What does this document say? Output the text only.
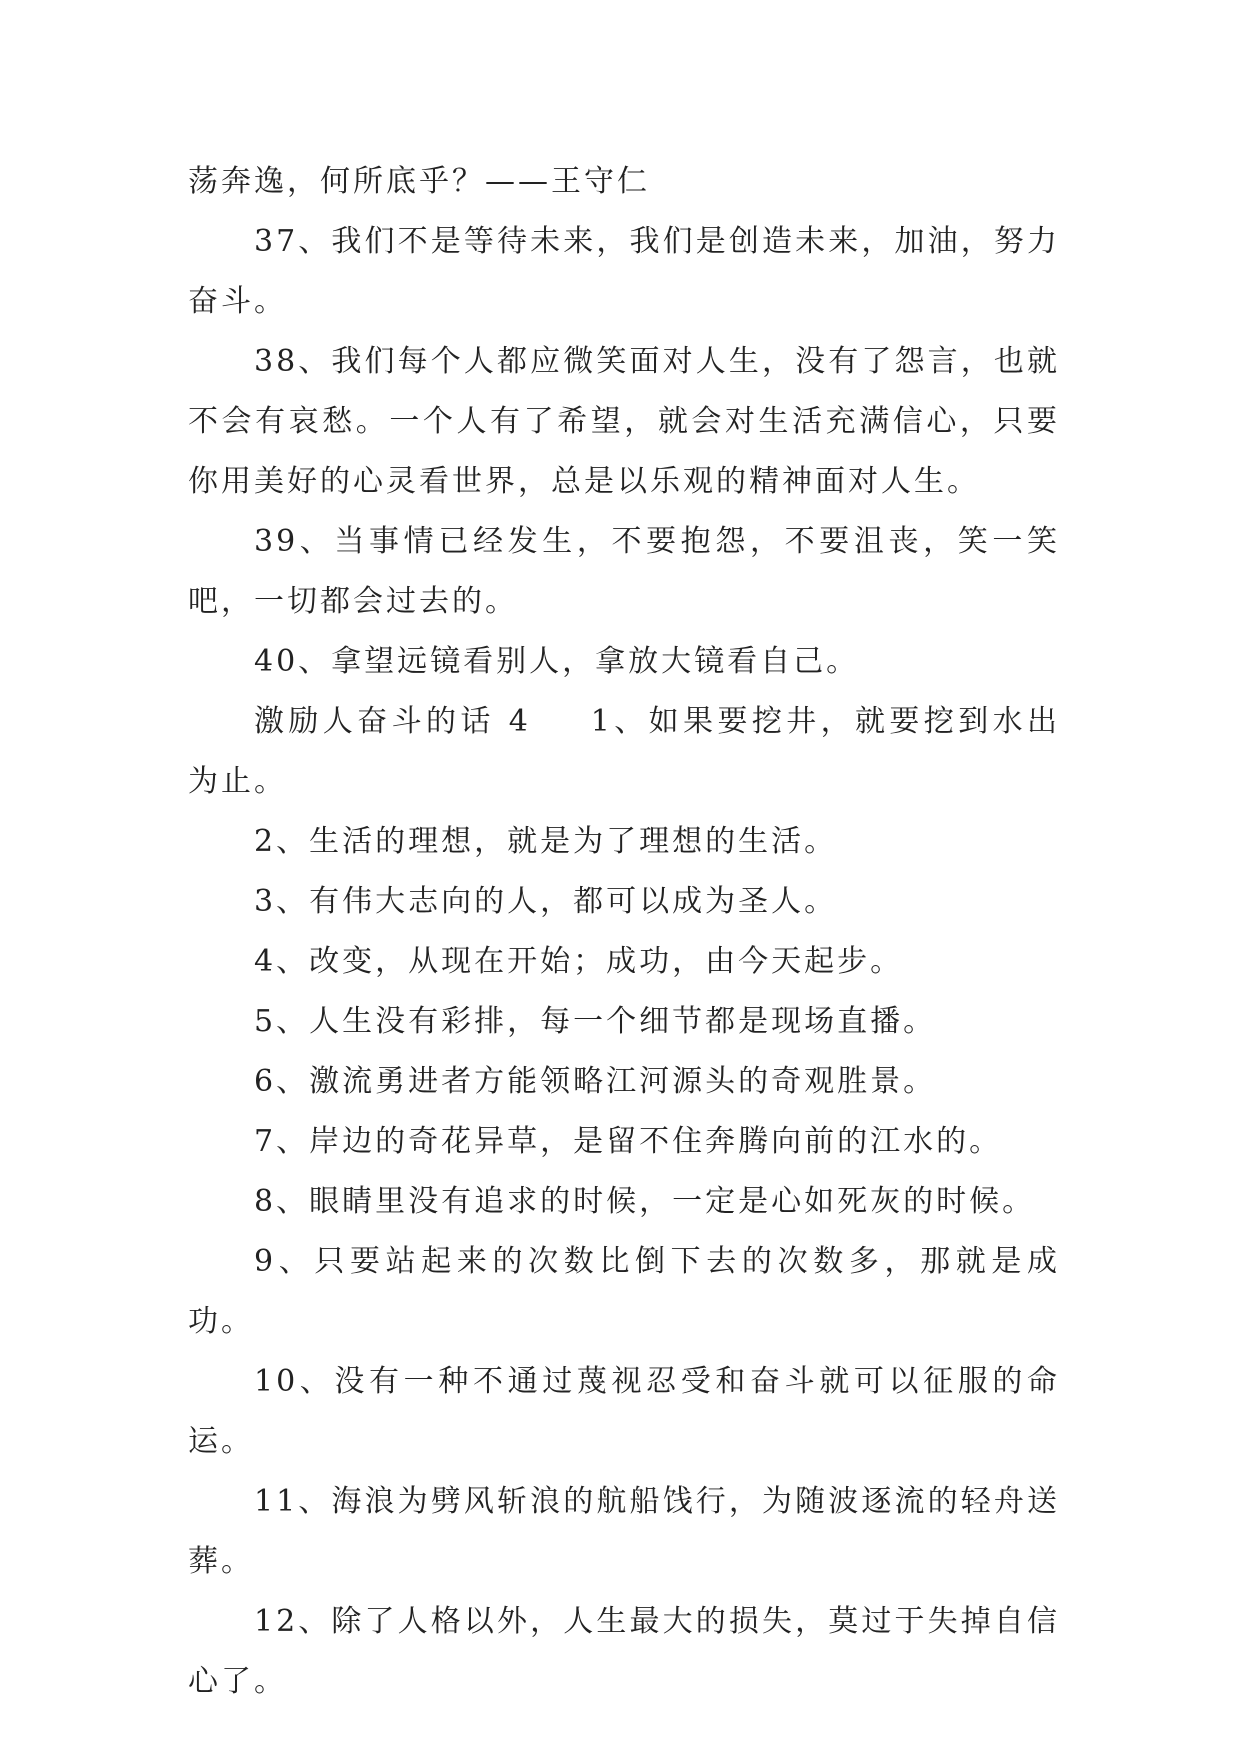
荡奔逸，何所底乎？——王守仁

37、我们不是等待未来，我们是创造未来，加油，努力奋斗。

38、我们每个人都应微笑面对人生，没有了怨言，也就不会有哀愁。一个人有了希望，就会对生活充满信心，只要你用美好的心灵看世界，总是以乐观的精神面对人生。

39、当事情已经发生，不要抱怨，不要沮丧，笑一笑吧，一切都会过去的。

40、拿望远镜看别人，拿放大镜看自己。

激励人奋斗的话 4 1、如果要挖井，就要挖到水出为止。

2、生活的理想，就是为了理想的生活。

3、有伟大志向的人，都可以成为圣人。

4、改变，从现在开始；成功，由今天起步。

5、人生没有彩排，每一个细节都是现场直播。

6、激流勇进者方能领略江河源头的奇观胜景。

7、岸边的奇花异草，是留不住奔腾向前的江水的。

8、眼睛里没有追求的时候，一定是心如死灰的时候。

9、只要站起来的次数比倒下去的次数多，那就是成功。

10、没有一种不通过蔑视忍受和奋斗就可以征服的命运。

11、海浪为劈风斩浪的航船饯行，为随波逐流的轻舟送葬。

12、除了人格以外，人生最大的损失，莫过于失掉自信心了。
